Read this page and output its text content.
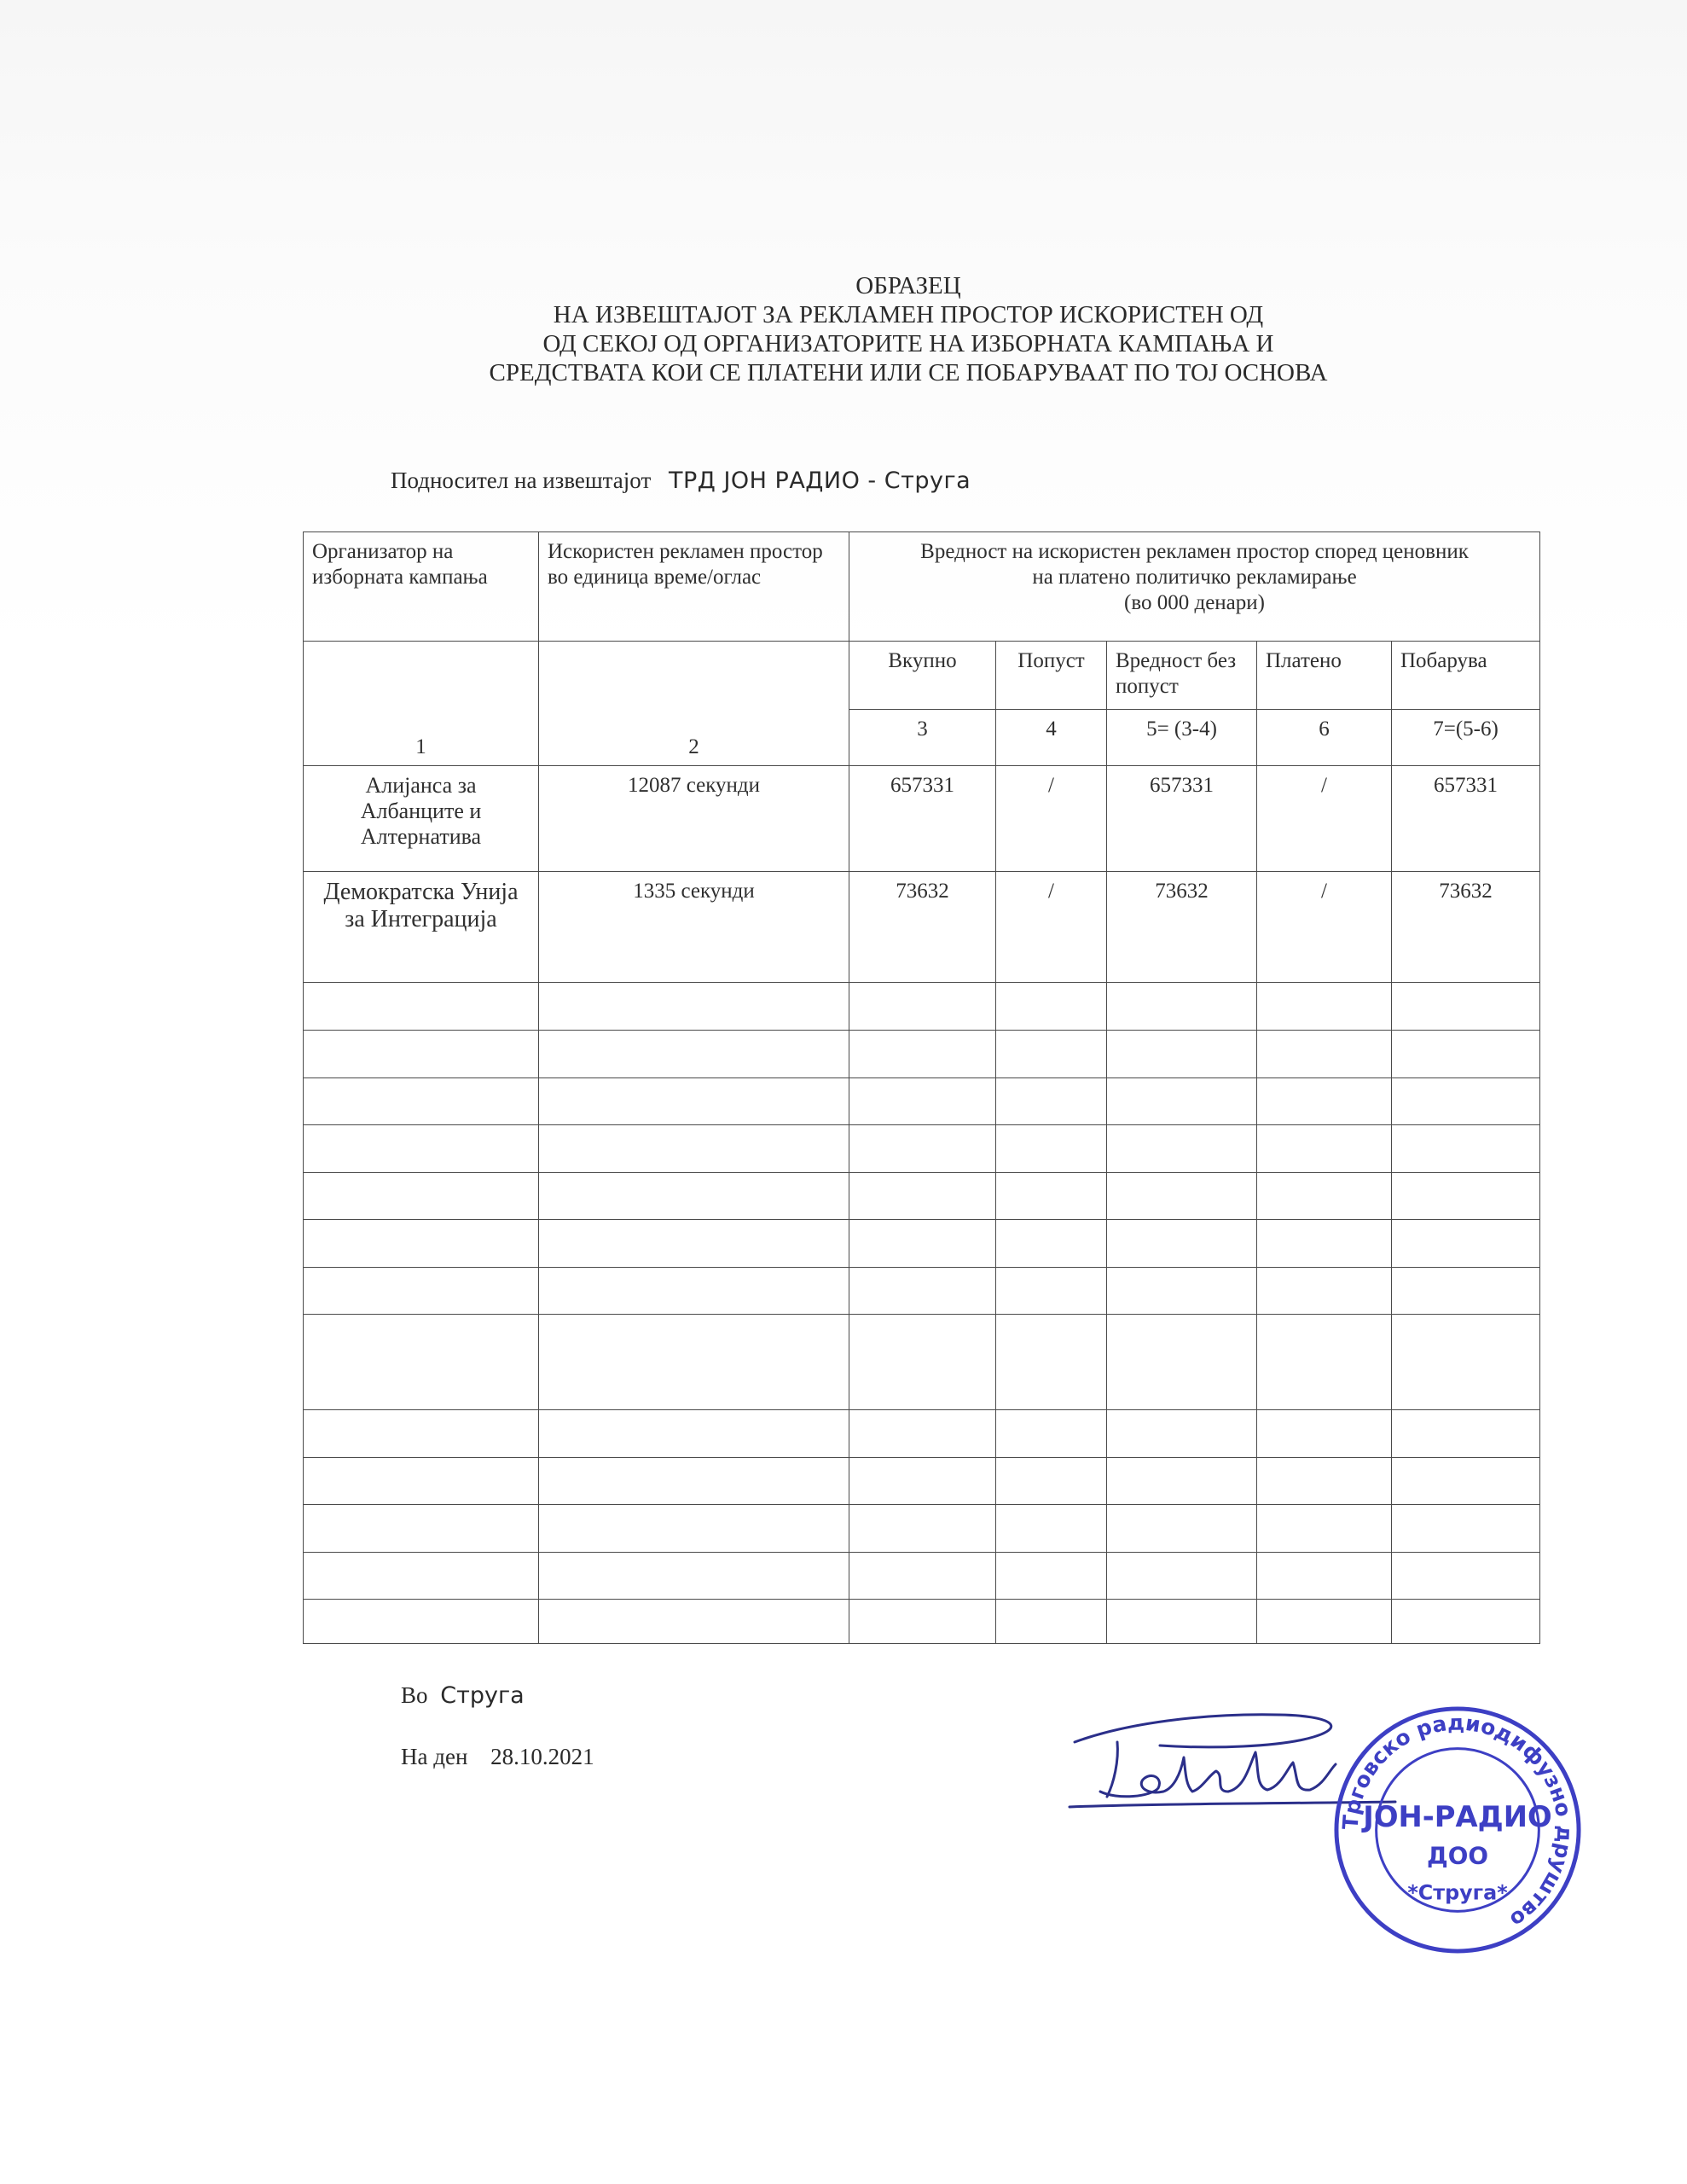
ОБРАЗЕЦ
НА ИЗВЕШТАЈОТ ЗА РЕКЛАМЕН ПРОСТОР ИСКОРИСТЕН ОД
ОД СЕКОЈ ОД ОРГАНИЗАТОРИТЕ НА ИЗБОРНАТА КАМПАЊА И
СРЕДСТВАТА КОИ СЕ ПЛАТЕНИ ИЛИ СЕ ПОБАРУВААТ ПО ТОЈ ОСНОВА
Подносител на извештајот ТРД ЈОН РАДИО - Струга
Организатор на изборната кампања	Искористен рекламен простор во единица време/оглас	Вредност на искористен рекламен простор според ценовник
на платено политичко рекламирање
(во 000 денари)				

1	2	Вкупно	Попуст	Вредност без попуст	Платено	Побарува
		3	4	5= (3-4)	6	7=(5-6)
Алијанса за Албанците и Алтернатива	12087 секунди	657331	/	657331	/	657331
Демократска Унија за Интеграција	1335 секунди	73632	/	73632	/	73632

Во Струга
На ден 28.10.2021
Трговско радиодифузно друштво
ЈОН-РАДИО
ДОО
*Струга*
